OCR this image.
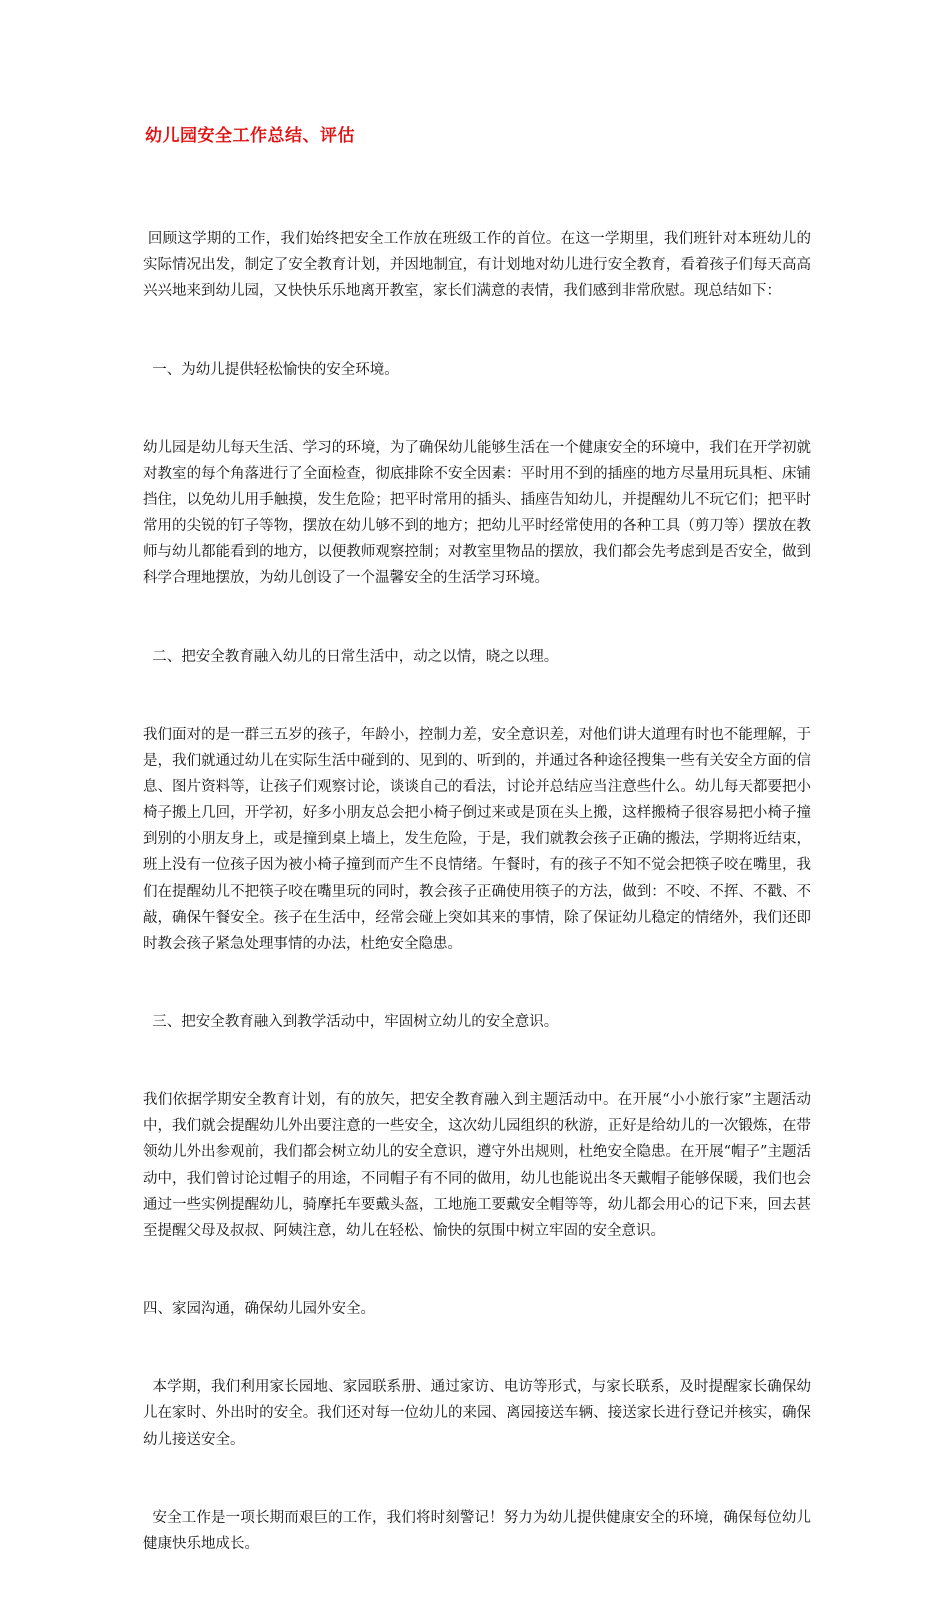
幼儿园安全工作总结、评估

回顾这学期的工作，我们始终把安全工作放在班级工作的首位。在这一学期里，我们班针对本班幼儿的实际情况出发，制定了安全教育计划，并因地制宜，有计划地对幼儿进行安全教育，看着孩子们每天高高兴兴地来到幼儿园，又快快乐乐地离开教室，家长们满意的表情，我们感到非常欣慰。现总结如下：

一、为幼儿提供轻松愉快的安全环境。

幼儿园是幼儿每天生活、学习的环境，为了确保幼儿能够生活在一个健康安全的环境中，我们在开学初就对教室的每个角落进行了全面检查，彻底排除不安全因素：平时用不到的插座的地方尽量用玩具柜、床铺挡住，以免幼儿用手触摸，发生危险；把平时常用的插头、插座告知幼儿，并提醒幼儿不玩它们；把平时常用的尖锐的钉子等物，摆放在幼儿够不到的地方；把幼儿平时经常使用的各种工具（剪刀等）摆放在教师与幼儿都能看到的地方，以便教师观察控制；对教室里物品的摆放，我们都会先考虑到是否安全，做到科学合理地摆放，为幼儿创设了一个温馨安全的生活学习环境。

二、把安全教育融入幼儿的日常生活中，动之以情，晓之以理。

我们面对的是一群三五岁的孩子，年龄小，控制力差，安全意识差，对他们讲大道理有时也不能理解，于是，我们就通过幼儿在实际生活中碰到的、见到的、听到的，并通过各种途径搜集一些有关安全方面的信息、图片资料等，让孩子们观察讨论，谈谈自己的看法，讨论并总结应当注意些什么。幼儿每天都要把小椅子搬上几回，开学初，好多小朋友总会把小椅子倒过来或是顶在头上搬，这样搬椅子很容易把小椅子撞到别的小朋友身上，或是撞到桌上墙上，发生危险，于是，我们就教会孩子正确的搬法，学期将近结束，班上没有一位孩子因为被小椅子撞到而产生不良情绪。午餐时，有的孩子不知不觉会把筷子咬在嘴里，我们在提醒幼儿不把筷子咬在嘴里玩的同时，教会孩子正确使用筷子的方法，做到：不咬、不挥、不戳、不敲，确保午餐安全。孩子在生活中，经常会碰上突如其来的事情，除了保证幼儿稳定的情绪外，我们还即时教会孩子紧急处理事情的办法，杜绝安全隐患。

三、把安全教育融入到教学活动中，牢固树立幼儿的安全意识。

我们依据学期安全教育计划，有的放矢，把安全教育融入到主题活动中。在开展“小小旅行家”主题活动中，我们就会提醒幼儿外出要注意的一些安全，这次幼儿园组织的秋游，正好是给幼儿的一次锻炼，在带领幼儿外出参观前，我们都会树立幼儿的安全意识，遵守外出规则，杜绝安全隐患。在开展“帽子”主题活动中，我们曾讨论过帽子的用途，不同帽子有不同的做用，幼儿也能说出冬天戴帽子能够保暖，我们也会通过一些实例提醒幼儿，骑摩托车要戴头盔，工地施工要戴安全帽等等，幼儿都会用心的记下来，回去甚至提醒父母及叔叔、阿姨注意，幼儿在轻松、愉快的氛围中树立牢固的安全意识。

四、家园沟通，确保幼儿园外安全。

本学期，我们利用家长园地、家园联系册、通过家访、电访等形式，与家长联系，及时提醒家长确保幼儿在家时、外出时的安全。我们还对每一位幼儿的来园、离园接送车辆、接送家长进行登记并核实，确保幼儿接送安全。

安全工作是一项长期而艰巨的工作，我们将时刻警记！努力为幼儿提供健康安全的环境，确保每位幼儿健康快乐地成长。
